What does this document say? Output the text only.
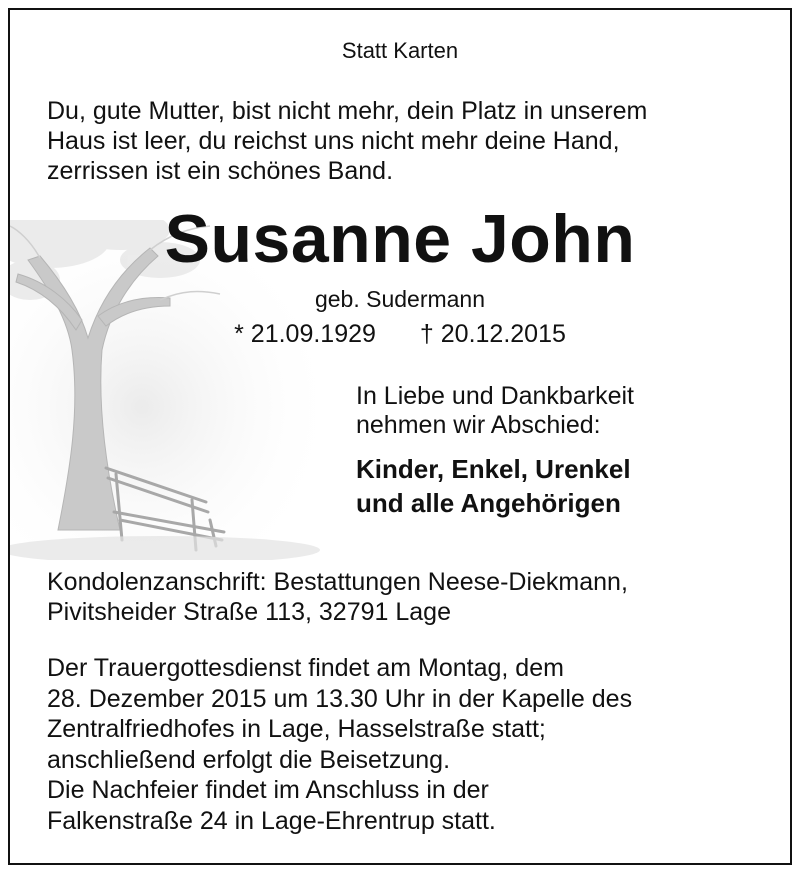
Statt Karten
Du, gute Mutter, bist nicht mehr, dein Platz in unserem
Haus ist leer, du reichst uns nicht mehr deine Hand,
zerrissen ist ein schönes Band.
Susanne John
geb. Sudermann
* 21.09.1929 † 20.12.2015
In Liebe und Dankbarkeit
nehmen wir Abschied:
Kinder, Enkel, Urenkel
und alle Angehörigen
Kondolenzanschrift: Bestattungen Neese-Diekmann,
Pivitsheider Straße 113, 32791 Lage
Der Trauergottesdienst findet am Montag, dem
28. Dezember 2015 um 13.30 Uhr in der Kapelle des
Zentralfriedhofes in Lage, Hasselstraße statt;
anschließend erfolgt die Beisetzung.
Die Nachfeier findet im Anschluss in der
Falkenstraße 24 in Lage-Ehrentrup statt.
